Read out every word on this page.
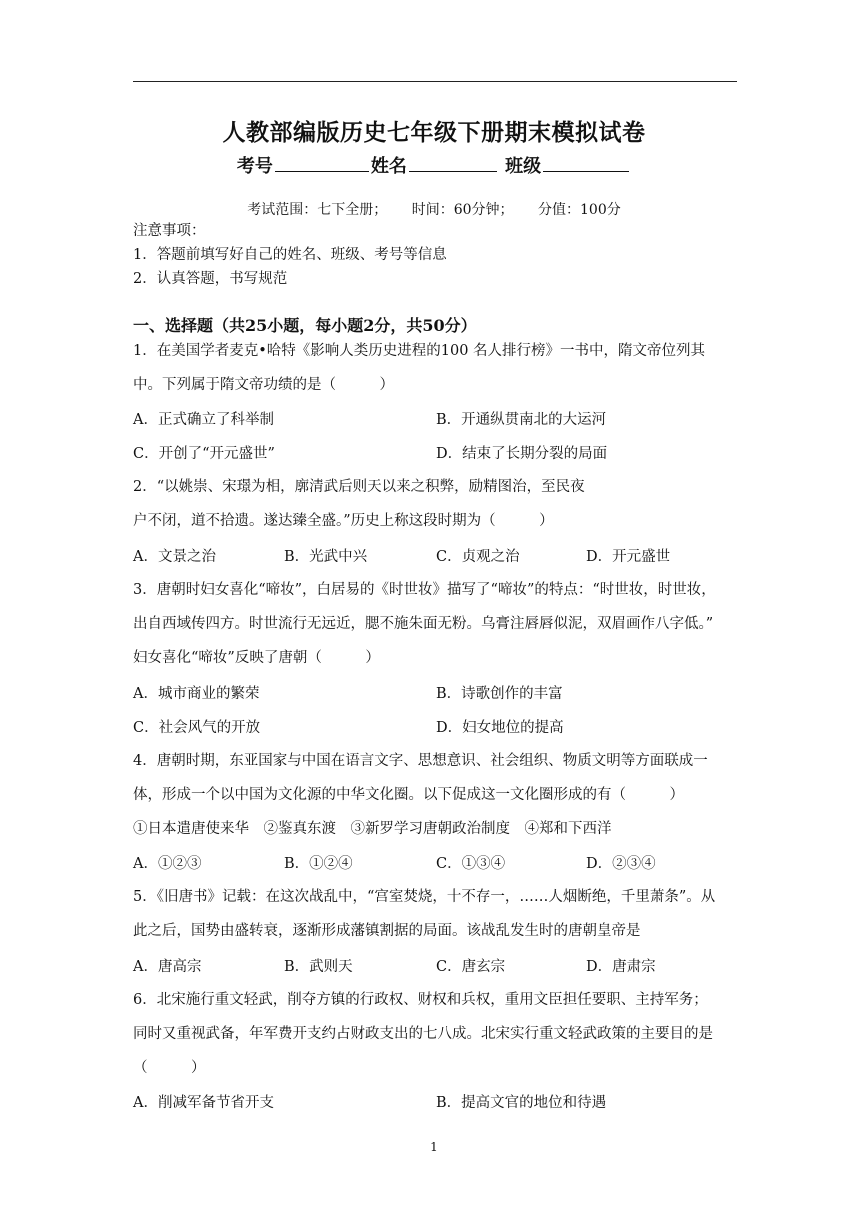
人教部编版历史七年级下册期末模拟试卷
考号	姓名	班级
考试范围：七下全册； 时间：60分钟； 分值：100分
注意事项：
1．答题前填写好自己的姓名、班级、考号等信息
2．认真答题，书写规范
一、选择题（共25小题，每小题2分，共50分）
1．在美国学者麦克•哈特《影响人类历史进程的100 名人排行榜》一书中，隋文帝位列其
中。下列属于隋文帝功绩的是（　　　）
A．正式确立了科举制	B．开通纵贯南北的大运河
C．开创了“开元盛世”	D．结束了长期分裂的局面
2．“以姚崇、宋璟为相，廓清武后则天以来之积弊，励精图治，至民夜
户不闭，道不拾遗。遂达臻全盛。”历史上称这段时期为（　　　）
A．文景之治	B．光武中兴	C．贞观之治	D．开元盛世
3．唐朝时妇女喜化“啼妆”，白居易的《时世妆》描写了“啼妆”的特点：“时世妆，时世妆，
出自西域传四方。时世流行无远近，腮不施朱面无粉。乌膏注唇唇似泥，双眉画作八字低。”
妇女喜化“啼妆”反映了唐朝（　　　）
A．城市商业的繁荣	B．诗歌创作的丰富
C．社会风气的开放	D．妇女地位的提高
4．唐朝时期，东亚国家与中国在语言文字、思想意识、社会组织、物质文明等方面联成一
体，形成一个以中国为文化源的中华文化圈。以下促成这一文化圈形成的有（　　　）
①日本遣唐使来华　②鉴真东渡　③新罗学习唐朝政治制度　④郑和下西洋
A．①②③	B．①②④	C．①③④	D．②③④
5．《旧唐书》记载：在这次战乱中，“宫室焚烧，十不存一，……人烟断绝，千里萧条”。从
此之后，国势由盛转衰，逐渐形成藩镇割据的局面。该战乱发生时的唐朝皇帝是
A．唐高宗	B．武则天	C．唐玄宗	D．唐肃宗
6．北宋施行重文轻武，削夺方镇的行政权、财权和兵权，重用文臣担任要职、主持军务；
同时又重视武备，年军费开支约占财政支出的七八成。北宋实行重文轻武政策的主要目的是
（　　　）
A．削减军备节省开支	B．提高文官的地位和待遇
1
